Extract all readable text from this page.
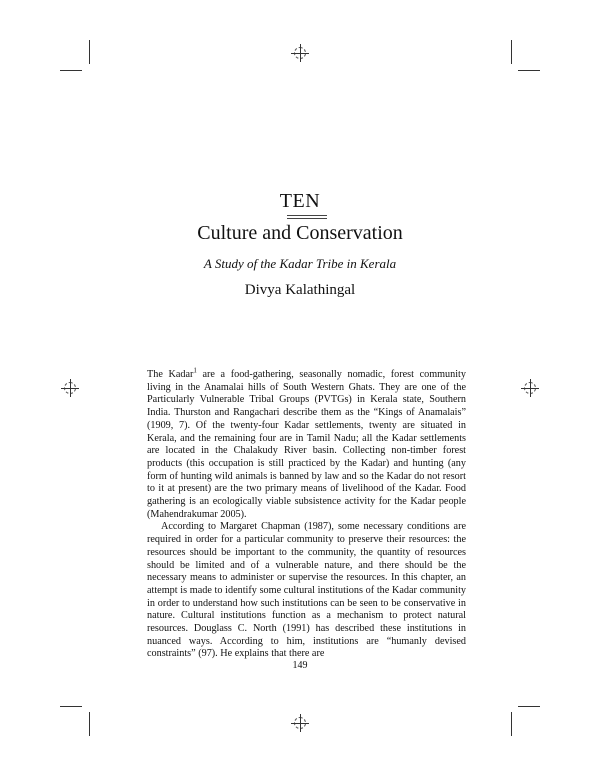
TEN
Culture and Conservation
A Study of the Kadar Tribe in Kerala
Divya Kalathingal

The Kadar$^1$ are a food-gathering, seasonally nomadic, forest community living in the Anamalai hills of South Western Ghats. They are one of the Particularly Vulnerable Tribal Groups (PVTGs) in Kerala state, Southern India. Thurston and Rangachari describe them as the “Kings of Anamalais” (1909, 7). Of the twenty-four Kadar settlements, twenty are situated in Kerala, and the remaining four are in Tamil Nadu; all the Kadar settlements are located in the Chalakudy River basin. Collecting non-timber forest products (this occupation is still practiced by the Kadar) and hunting (any form of hunting wild animals is banned by law and so the Kadar do not resort to it at present) are the two primary means of livelihood of the Kadar. Food gathering is an ecologically viable subsistence activity for the Kadar people (Mahendrakumar 2005).

According to Margaret Chapman (1987), some necessary conditions are required in order for a particular community to preserve their resources: the resources should be important to the community, the quantity of resources should be limited and of a vulnerable nature, and there should be the necessary means to administer or supervise the resources. In this chapter, an attempt is made to identify some cultural institutions of the Kadar community in order to understand how such institutions can be seen to be conservative in nature. Cultural institutions function as a mechanism to protect natural resources. Douglass C. North (1991) has described these institutions in nuanced ways. According to him, institutions are “humanly devised constraints” (97). He explains that there are

149
